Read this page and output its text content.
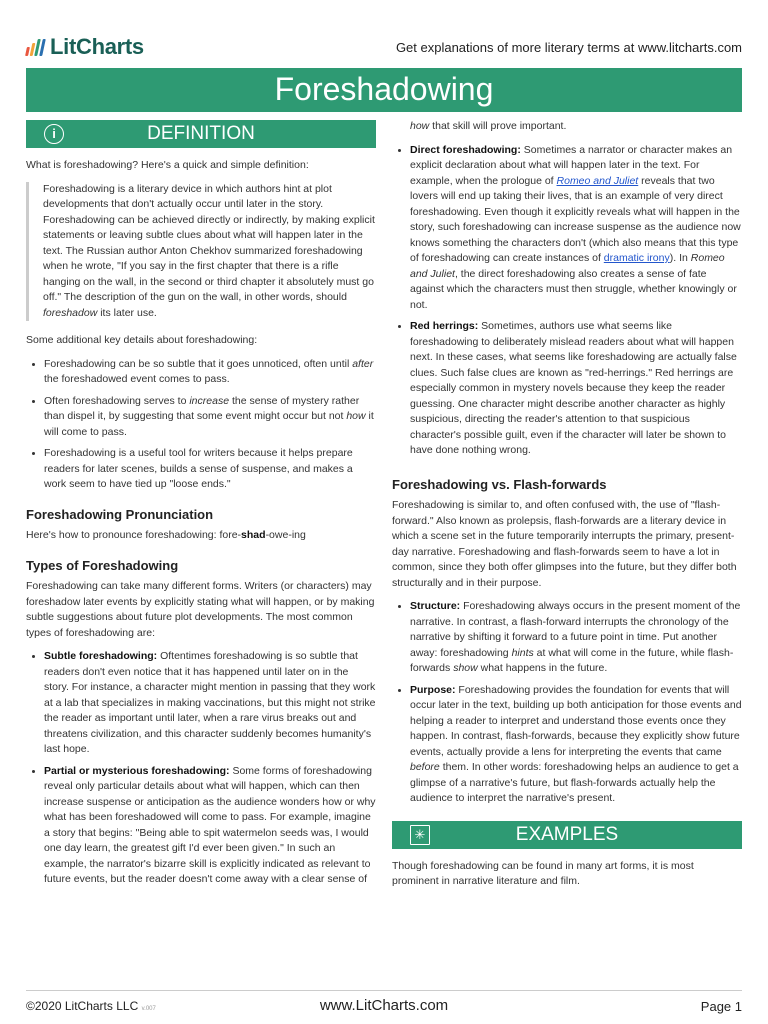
LitCharts	Get explanations of more literary terms at www.litcharts.com
Foreshadowing
i	DEFINITION

What is foreshadowing? Here's a quick and simple definition:

Foreshadowing is a literary device in which authors hint at plot developments that don't actually occur until later in the story. Foreshadowing can be achieved directly or indirectly, by making explicit statements or leaving subtle clues about what will happen later in the text. The Russian author Anton Chekhov summarized foreshadowing when he wrote, "If you say in the first chapter that there is a rifle hanging on the wall, in the second or third chapter it absolutely must go off." The description of the gun on the wall, in other words, should foreshadow its later use.

Some additional key details about foreshadowing:

• Foreshadowing can be so subtle that it goes unnoticed, often until after the foreshadowed event comes to pass.
• Often foreshadowing serves to increase the sense of mystery rather than dispel it, by suggesting that some event might occur but not how it will come to pass.
• Foreshadowing is a useful tool for writers because it helps prepare readers for later scenes, builds a sense of suspense, and makes a work seem to have tied up "loose ends."
Foreshadowing Pronunciation

Here's how to pronounce foreshadowing: fore-shad-owe-ing

Types of Foreshadowing

Foreshadowing can take many different forms. Writers (or characters) may foreshadow later events by explicitly stating what will happen, or by making subtle suggestions about future plot developments. The most common types of foreshadowing are:

• Subtle foreshadowing: Oftentimes foreshadowing is so subtle that readers don't even notice that it has happened until later on in the story. For instance, a character might mention in passing that they work at a lab that specializes in making vaccinations, but this might not strike the reader as important until later, when a rare virus breaks out and threatens civilization, and this character suddenly becomes humanity's last hope.
• Partial or mysterious foreshadowing: Some forms of foreshadowing reveal only particular details about what will happen, which can then increase suspense or anticipation as the audience wonders how or why what has been foreshadowed will come to pass. For example, imagine a story that begins: "Being able to spit watermelon seeds was, I would one day learn, the greatest gift I'd ever been given." In such an example, the narrator's bizarre skill is explicitly indicated as relevant to future events, but the reader doesn't come away with a clear sense of

how that skill will prove important.

• Direct foreshadowing: Sometimes a narrator or character makes an explicit declaration about what will happen later in the text. For example, when the prologue of Romeo and Juliet reveals that two lovers will end up taking their lives, that is an example of very direct foreshadowing. Even though it explicitly reveals what will happen in the story, such foreshadowing can increase suspense as the audience now knows something the characters don't (which also means that this type of foreshadowing can create instances of dramatic irony). In Romeo and Juliet, the direct foreshadowing also creates a sense of fate against which the characters must then struggle, whether knowingly or not.
• Red herrings: Sometimes, authors use what seems like foreshadowing to deliberately mislead readers about what will happen next. In these cases, what seems like foreshadowing are actually false clues. Such false clues are known as "red-herrings." Red herrings are especially common in mystery novels because they keep the reader guessing. One character might describe another character as highly suspicious, directing the reader's attention to that suspicious character's possible guilt, even if the character will later be shown to have done nothing wrong.
Foreshadowing vs. Flash-forwards

Foreshadowing is similar to, and often confused with, the use of "flash-forward." Also known as prolepsis, flash-forwards are a literary device in which a scene set in the future temporarily interrupts the primary, present-day narrative. Foreshadowing and flash-forwards seem to have a lot in common, since they both offer glimpses into the future, but they differ both structurally and in their purpose.

• Structure: Foreshadowing always occurs in the present moment of the narrative. In contrast, a flash-forward interrupts the chronology of the narrative by shifting it forward to a future point in time. Put another away: foreshadowing hints at what will come in the future, while flash-forwards show what happens in the future.
• Purpose: Foreshadowing provides the foundation for events that will occur later in the text, building up both anticipation for those events and helping a reader to interpret and understand those events once they happen. In contrast, flash-forwards, because they explicitly show future events, actually provide a lens for interpreting the events that came before them. In other words: foreshadowing helps an audience to get a glimpse of a narrative's future, but flash-forwards actually help the audience to interpret the narrative's present.
✳	EXAMPLES

Though foreshadowing can be found in many art forms, it is most prominent in narrative literature and film.

©2020 LitCharts LLC v.007	www.LitCharts.com	Page 1
